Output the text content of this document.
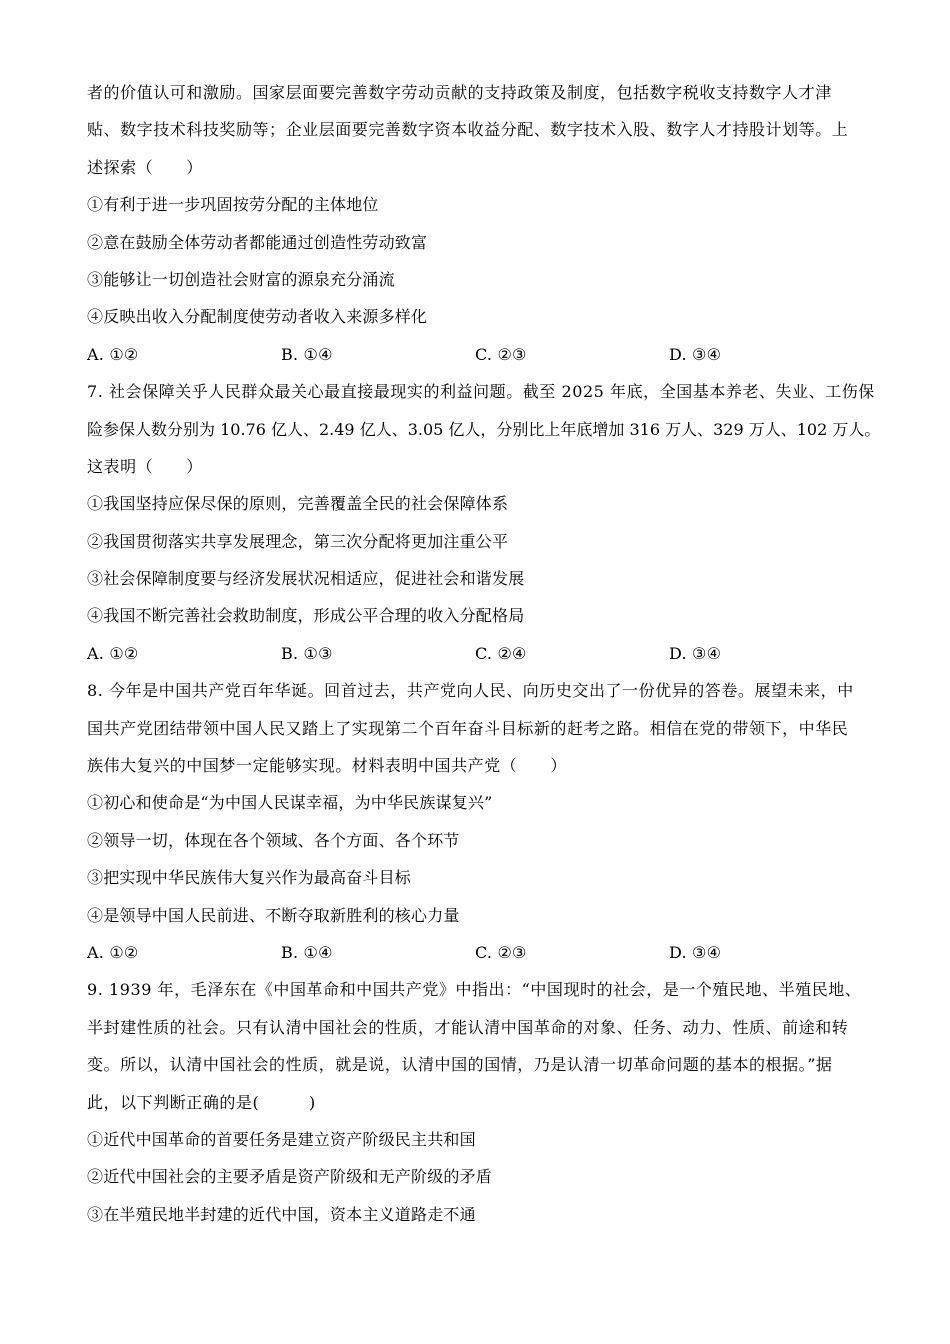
者的价值认可和激励。国家层面要完善数字劳动贡献的支持政策及制度，包括数字税收支持数字人才津
贴、数字技术科技奖励等；企业层面要完善数字资本收益分配、数字技术入股、数字人才持股计划等。上
述探索（　　）
①有利于进一步巩固按劳分配的主体地位
②意在鼓励全体劳动者都能通过创造性劳动致富
③能够让一切创造社会财富的源泉充分涌流
④反映出收入分配制度使劳动者收入来源多样化
A. ①②	B. ①④	C. ②③	D. ③④
7. 社会保障关乎人民群众最关心最直接最现实的利益问题。截至 2025 年底，全国基本养老、失业、工伤保
险参保人数分别为 10.76 亿人、2.49 亿人、3.05 亿人，分别比上年底增加 316 万人、329 万人、102 万人。
这表明（　　）
①我国坚持应保尽保的原则，完善覆盖全民的社会保障体系
②我国贯彻落实共享发展理念，第三次分配将更加注重公平
③社会保障制度要与经济发展状况相适应，促进社会和谐发展
④我国不断完善社会救助制度，形成公平合理的收入分配格局
A. ①②	B. ①③	C. ②④	D. ③④
8. 今年是中国共产党百年华诞。回首过去，共产党向人民、向历史交出了一份优异的答卷。展望未来，中
国共产党团结带领中国人民又踏上了实现第二个百年奋斗目标新的赶考之路。相信在党的带领下，中华民
族伟大复兴的中国梦一定能够实现。材料表明中国共产党（　　）
①初心和使命是“为中国人民谋幸福，为中华民族谋复兴”
②领导一切，体现在各个领域、各个方面、各个环节
③把实现中华民族伟大复兴作为最高奋斗目标
④是领导中国人民前进、不断夺取新胜利的核心力量
A. ①②	B. ①④	C. ②③	D. ③④
9. 1939 年，毛泽东在《中国革命和中国共产党》中指出：“中国现时的社会，是一个殖民地、半殖民地、
半封建性质的社会。只有认清中国社会的性质，才能认清中国革命的对象、任务、动力、性质、前途和转
变。所以，认清中国社会的性质，就是说，认清中国的国情，乃是认清一切革命问题的基本的根据。”据
此，以下判断正确的是(　　　)
①近代中国革命的首要任务是建立资产阶级民主共和国
②近代中国社会的主要矛盾是资产阶级和无产阶级的矛盾
③在半殖民地半封建的近代中国，资本主义道路走不通
